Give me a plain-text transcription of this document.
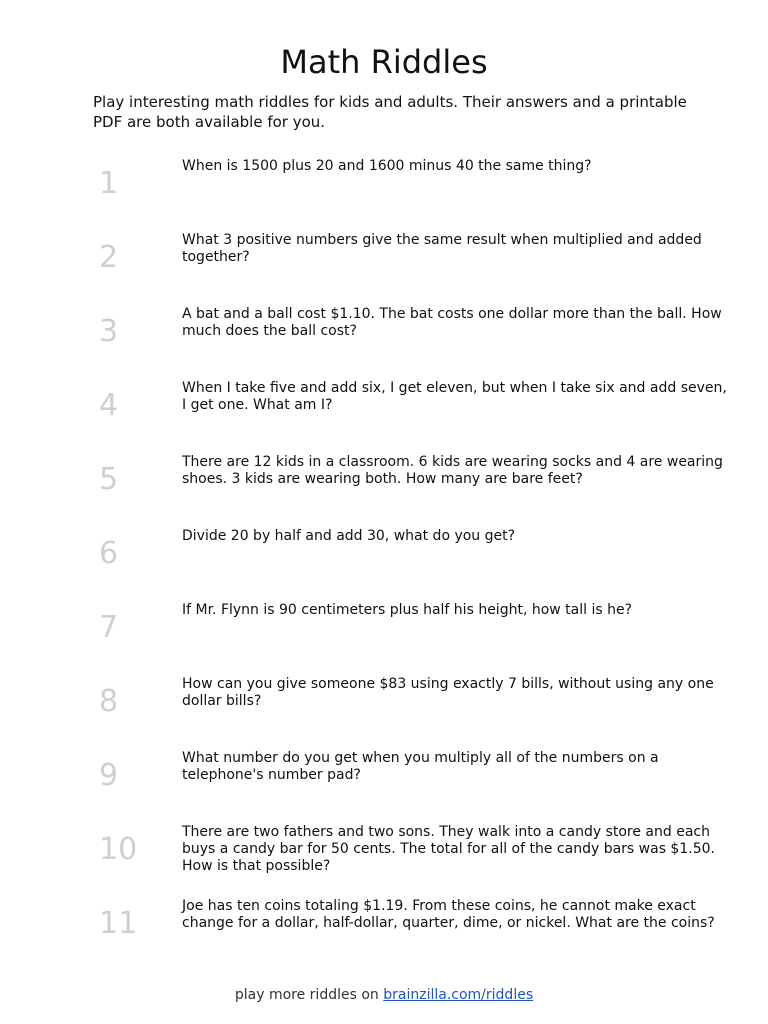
Math Riddles

Play interesting math riddles for kids and adults. Their answers and a printable PDF are both available for you.

1	When is 1500 plus 20 and 1600 minus 40 the same thing?

2	What 3 positive numbers give the same result when multiplied and added together?

3	A bat and a ball cost $1.10. The bat costs one dollar more than the ball. How much does the ball cost?

4	When I take five and add six, I get eleven, but when I take six and add seven, I get one. What am I?

5	There are 12 kids in a classroom. 6 kids are wearing socks and 4 are wearing shoes. 3 kids are wearing both. How many are bare feet?

6	Divide 20 by half and add 30, what do you get?

7	If Mr. Flynn is 90 centimeters plus half his height, how tall is he?

8	How can you give someone $83 using exactly 7 bills, without using any one dollar bills?

9	What number do you get when you multiply all of the numbers on a telephone's number pad?

10	There are two fathers and two sons. They walk into a candy store and each buys a candy bar for 50 cents. The total for all of the candy bars was $1.50. How is that possible?

11	Joe has ten coins totaling $1.19. From these coins, he cannot make exact change for a dollar, half-dollar, quarter, dime, or nickel. What are the coins?

play more riddles on brainzilla.com/riddles
